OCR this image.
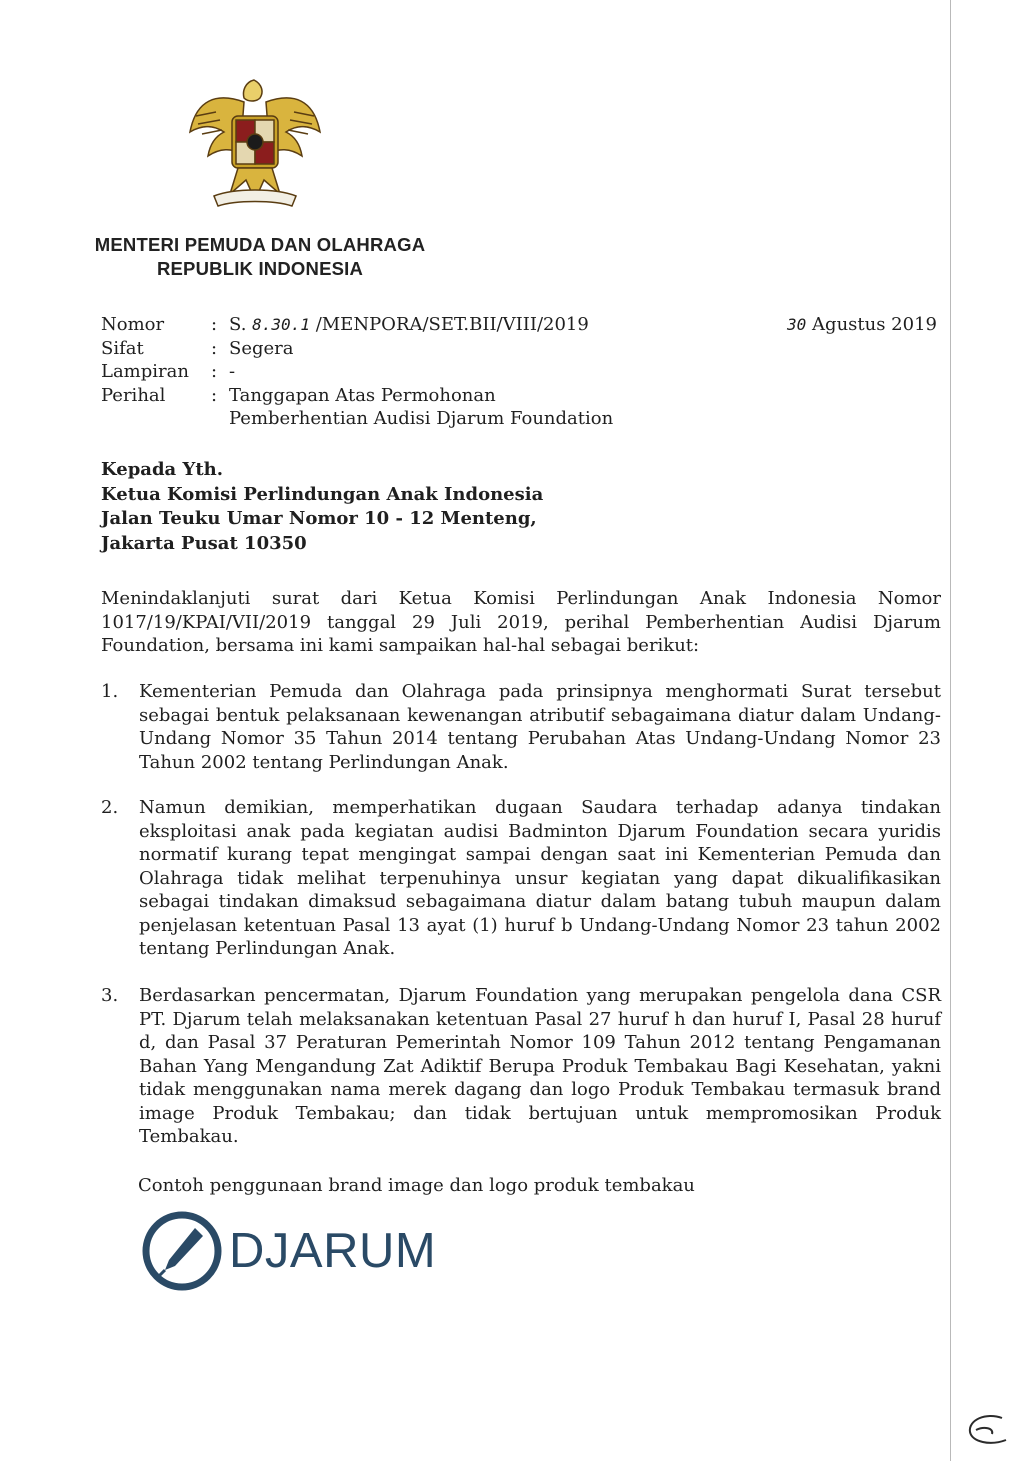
MENTERI PEMUDA DAN OLAHRAGA
REPUBLIK INDONESIA
Nomor	: S. 8.30.1 /MENPORA/SET.BII/VIII/2019	30 Agustus 2019
Sifat	: Segera
Lampiran	: -
Perihal	: Tanggapan Atas Permohonan
Pemberhentian Audisi Djarum Foundation
Kepada Yth.
Ketua Komisi Perlindungan Anak Indonesia
Jalan Teuku Umar Nomor 10 - 12 Menteng,
Jakarta Pusat 10350
Menindaklanjuti surat dari Ketua Komisi Perlindungan Anak Indonesia Nomor 1017/19/KPAI/VII/2019 tanggal 29 Juli 2019, perihal Pemberhentian Audisi Djarum Foundation, bersama ini kami sampaikan hal-hal sebagai berikut:
1.	Kementerian Pemuda dan Olahraga pada prinsipnya menghormati Surat tersebut sebagai bentuk pelaksanaan kewenangan atributif sebagaimana diatur dalam Undang-Undang Nomor 35 Tahun 2014 tentang Perubahan Atas Undang-Undang Nomor 23 Tahun 2002 tentang Perlindungan Anak.
2.	Namun demikian, memperhatikan dugaan Saudara terhadap adanya tindakan eksploitasi anak pada kegiatan audisi Badminton Djarum Foundation secara yuridis normatif kurang tepat mengingat sampai dengan saat ini Kementerian Pemuda dan Olahraga tidak melihat terpenuhinya unsur kegiatan yang dapat dikualifikasikan sebagai tindakan dimaksud sebagaimana diatur dalam batang tubuh maupun dalam penjelasan ketentuan Pasal 13 ayat (1) huruf b Undang-Undang Nomor 23 tahun 2002 tentang Perlindungan Anak.
3.	Berdasarkan pencermatan, Djarum Foundation yang merupakan pengelola dana CSR PT. Djarum telah melaksanakan ketentuan Pasal 27 huruf h dan huruf I, Pasal 28 huruf d, dan Pasal 37 Peraturan Pemerintah Nomor 109 Tahun 2012 tentang Pengamanan Bahan Yang Mengandung Zat Adiktif Berupa Produk Tembakau Bagi Kesehatan, yakni tidak menggunakan nama merek dagang dan logo Produk Tembakau termasuk brand image Produk Tembakau; dan tidak bertujuan untuk mempromosikan Produk Tembakau.
Contoh penggunaan brand image dan logo produk tembakau
DJARUM
